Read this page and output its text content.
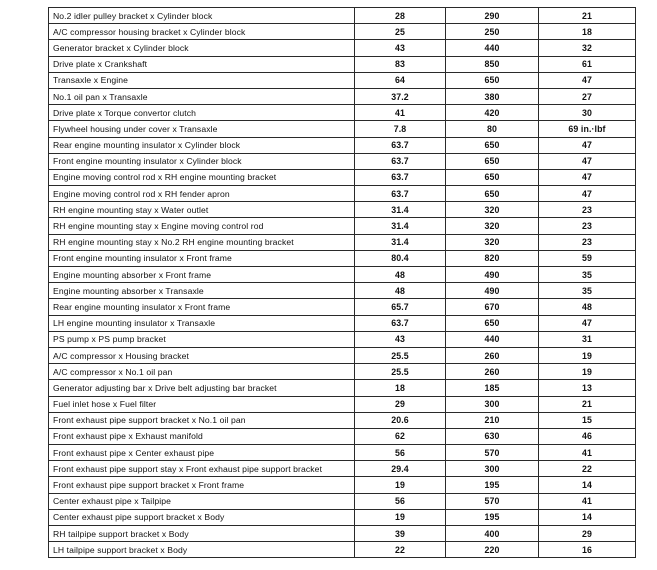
No.2 idler pulley bracket x Cylinder block	28	290	21
A/C compressor housing bracket x Cylinder block	25	250	18
Generator bracket x Cylinder block	43	440	32
Drive plate x Crankshaft	83	850	61
Transaxle x Engine	64	650	47
No.1 oil pan x Transaxle	37.2	380	27
Drive plate x Torque convertor clutch	41	420	30
Flywheel housing under cover x Transaxle	7.8	80	69 in.·lbf
Rear engine mounting insulator x Cylinder block	63.7	650	47
Front engine mounting insulator x Cylinder block	63.7	650	47
Engine moving control rod x RH engine mounting bracket	63.7	650	47
Engine moving control rod x RH fender apron	63.7	650	47
RH engine mounting stay x Water outlet	31.4	320	23
RH engine mounting stay x Engine moving control rod	31.4	320	23
RH engine mounting stay x No.2 RH engine mounting bracket	31.4	320	23
Front engine mounting insulator x Front frame	80.4	820	59
Engine mounting absorber x Front frame	48	490	35
Engine mounting absorber x Transaxle	48	490	35
Rear engine mounting insulator x Front frame	65.7	670	48
LH engine mounting insulator x Transaxle	63.7	650	47
PS pump x PS pump bracket	43	440	31
A/C compressor x Housing bracket	25.5	260	19
A/C compressor x No.1 oil pan	25.5	260	19
Generator adjusting bar x Drive belt adjusting bar bracket	18	185	13
Fuel inlet hose x Fuel filter	29	300	21
Front exhaust pipe support bracket x No.1 oil pan	20.6	210	15
Front exhaust pipe x Exhaust manifold	62	630	46
Front exhaust pipe x Center exhaust pipe	56	570	41
Front exhaust pipe support stay x Front exhaust pipe support bracket	29.4	300	22
Front exhaust pipe support bracket x Front frame	19	195	14
Center exhaust pipe x Tailpipe	56	570	41
Center exhaust pipe support bracket x Body	19	195	14
RH tailpipe support bracket x Body	39	400	29
LH tailpipe support bracket x Body	22	220	16
